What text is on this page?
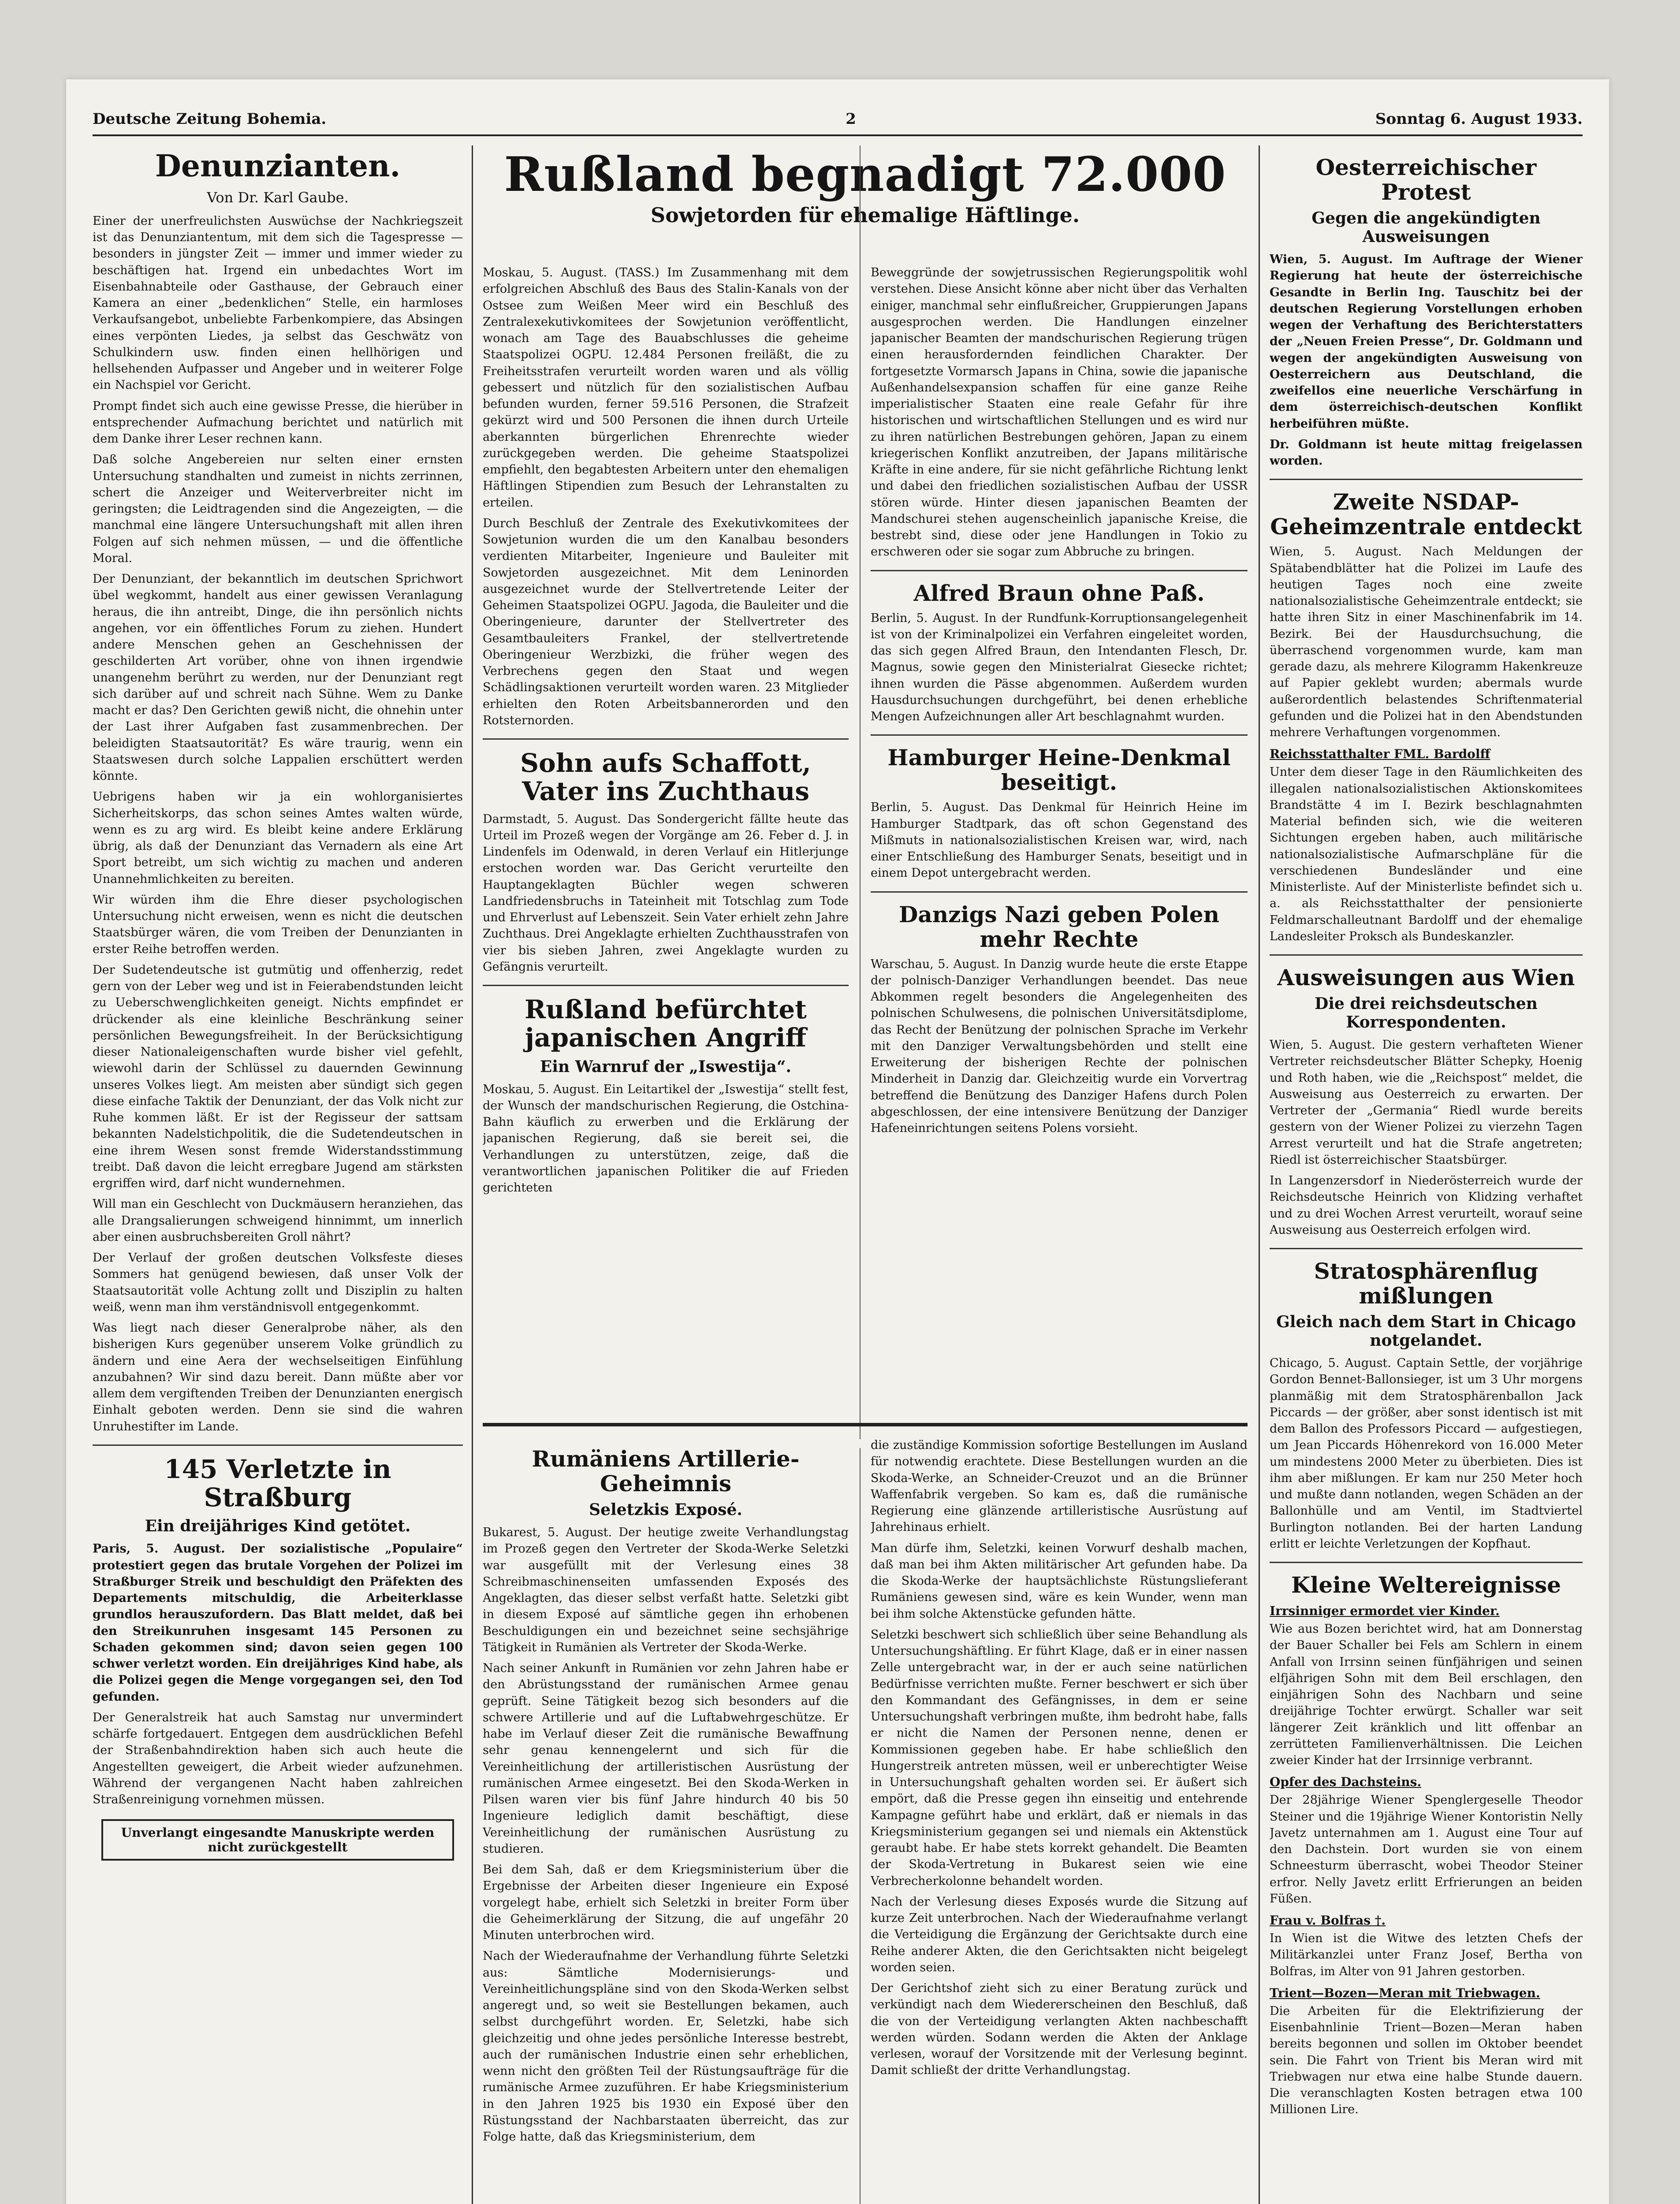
Deutsche Zeitung Bohemia.	2	Sonntag 6. August 1933.
Denunzianten.
Von Dr. Karl Gaube.

Einer der unerfreulichsten Auswüchse der Nachkriegszeit ist das Denunziantentum, mit dem sich die Tagespresse — besonders in jüngster Zeit — immer und immer wieder zu beschäftigen hat. Irgend ein unbedachtes Wort im Eisenbahnabteile oder Gasthause, der Gebrauch einer Kamera an einer „bedenklichen“ Stelle, ein harmloses Verkaufsangebot, unbeliebte Farbenkompiere, das Absingen eines verpönten Liedes, ja selbst das Geschwätz von Schulkindern usw. finden einen hellhörigen und hellsehenden Aufpasser und Angeber und in weiterer Folge ein Nachspiel vor Gericht.

Prompt findet sich auch eine gewisse Presse, die hierüber in entsprechender Aufmachung berichtet und natürlich mit dem Danke ihrer Leser rechnen kann.

Daß solche Angebereien nur selten einer ernsten Untersuchung standhalten und zumeist in nichts zerrinnen, schert die Anzeiger und Weiterverbreiter nicht im geringsten; die Leidtragenden sind die Angezeigten, — die manchmal eine längere Untersuchungshaft mit allen ihren Folgen auf sich nehmen müssen, — und die öffentliche Moral.

Der Denunziant, der bekanntlich im deutschen Sprichwort übel wegkommt, handelt aus einer gewissen Veranlagung heraus, die ihn antreibt, Dinge, die ihn persönlich nichts angehen, vor ein öffentliches Forum zu ziehen. Hundert andere Menschen gehen an Geschehnissen der geschilderten Art vorüber, ohne von ihnen irgendwie unangenehm berührt zu werden, nur der Denunziant regt sich darüber auf und schreit nach Sühne. Wem zu Danke macht er das? Den Gerichten gewiß nicht, die ohnehin unter der Last ihrer Aufgaben fast zusammenbrechen. Der beleidigten Staatsautorität? Es wäre traurig, wenn ein Staatswesen durch solche Lappalien erschüttert werden könnte.

Uebrigens haben wir ja ein wohlorganisiertes Sicherheitskorps, das schon seines Amtes walten würde, wenn es zu arg wird. Es bleibt keine andere Erklärung übrig, als daß der Denunziant das Vernadern als eine Art Sport betreibt, um sich wichtig zu machen und anderen Unannehmlichkeiten zu bereiten.

Wir würden ihm die Ehre dieser psychologischen Untersuchung nicht erweisen, wenn es nicht die deutschen Staatsbürger wären, die vom Treiben der Denunzianten in erster Reihe betroffen werden.

Der Sudetendeutsche ist gutmütig und offenherzig, redet gern von der Leber weg und ist in Feierabendstunden leicht zu Ueberschwenglichkeiten geneigt. Nichts empfindet er drückender als eine kleinliche Beschränkung seiner persönlichen Bewegungsfreiheit. In der Berücksichtigung dieser Nationaleigenschaften wurde bisher viel gefehlt, wiewohl darin der Schlüssel zu dauernden Gewinnung unseres Volkes liegt. Am meisten aber sündigt sich gegen diese einfache Taktik der Denunziant, der das Volk nicht zur Ruhe kommen läßt. Er ist der Regisseur der sattsam bekannten Nadelstichpolitik, die die Sudetendeutschen in eine ihrem Wesen sonst fremde Widerstandsstimmung treibt. Daß davon die leicht erregbare Jugend am stärksten ergriffen wird, darf nicht wundernehmen.

Will man ein Geschlecht von Duckmäusern heranziehen, das alle Drangsalierungen schweigend hinnimmt, um innerlich aber einen ausbruchsbereiten Groll nährt?

Der Verlauf der großen deutschen Volksfeste dieses Sommers hat genügend bewiesen, daß unser Volk der Staatsautorität volle Achtung zollt und Disziplin zu halten weiß, wenn man ihm verständnisvoll entgegenkommt.

Was liegt nach dieser Generalprobe näher, als den bisherigen Kurs gegenüber unserem Volke gründlich zu ändern und eine Aera der wechselseitigen Einfühlung anzubahnen? Wir sind dazu bereit. Dann müßte aber vor allem dem vergiftenden Treiben der Denunzianten energisch Einhalt geboten werden. Denn sie sind die wahren Unruhestifter im Lande.

145 Verletzte in Straßburg
Ein dreijähriges Kind getötet.

Paris, 5. August. Der sozialistische „Populaire“ protestiert gegen das brutale Vorgehen der Polizei im Straßburger Streik und beschuldigt den Präfekten des Departements mitschuldig, die Arbeiterklasse grundlos herauszufordern. Das Blatt meldet, daß bei den Streikunruhen insgesamt 145 Personen zu Schaden gekommen sind; davon seien gegen 100 schwer verletzt worden. Ein dreijähriges Kind habe, als die Polizei gegen die Menge vorgegangen sei, den Tod gefunden.

Der Generalstreik hat auch Samstag nur unvermindert schärfe fortgedauert. Entgegen dem ausdrücklichen Befehl der Straßenbahndirektion haben sich auch heute die Angestellten geweigert, die Arbeit wieder aufzunehmen. Während der vergangenen Nacht haben zahlreichen Straßenreinigung vornehmen müssen.

Unverlangt eingesandte Manuskripte werden nicht zurückgestellt
Rußland begnadigt 72.000
Sowjetorden für ehemalige Häftlinge.

Moskau, 5. August. (TASS.) Im Zusammenhang mit dem erfolgreichen Abschluß des Baus des Stalin-Kanals von der Ostsee zum Weißen Meer wird ein Beschluß des Zentralexekutivkomitees der Sowjetunion veröffentlicht, wonach am Tage des Bauabschlusses die geheime Staatspolizei OGPU. 12.484 Personen freiläßt, die zu Freiheitsstrafen verurteilt worden waren und als völlig gebessert und nützlich für den sozialistischen Aufbau befunden wurden, ferner 59.516 Personen, die Strafzeit gekürzt wird und 500 Personen die ihnen durch Urteile aberkannten bürgerlichen Ehrenrechte wieder zurückgegeben werden. Die geheime Staatspolizei empfiehlt, den begabtesten Arbeitern unter den ehemaligen Häftlingen Stipendien zum Besuch der Lehranstalten zu erteilen.

Durch Beschluß der Zentrale des Exekutivkomitees der Sowjetunion wurden die um den Kanalbau besonders verdienten Mitarbeiter, Ingenieure und Bauleiter mit Sowjetorden ausgezeichnet. Mit dem Leninorden ausgezeichnet wurde der Stellvertretende Leiter der Geheimen Staatspolizei OGPU. Jagoda, die Bauleiter und die Oberingenieure, darunter der Stellvertreter des Gesamtbauleiters Frankel, der stellvertretende Oberingenieur Werzbizki, die früher wegen des Verbrechens gegen den Staat und wegen Schädlingsaktionen verurteilt worden waren. 23 Mitglieder erhielten den Roten Arbeitsbannerorden und den Rotsternorden.

Sohn aufs Schaffott, Vater ins Zuchthaus

Darmstadt, 5. August. Das Sondergericht fällte heute das Urteil im Prozeß wegen der Vorgänge am 26. Feber d. J. in Lindenfels im Odenwald, in deren Verlauf ein Hitlerjunge erstochen worden war. Das Gericht verurteilte den Hauptangeklagten Büchler wegen schweren Landfriedensbruchs in Tateinheit mit Totschlag zum Tode und Ehrverlust auf Lebenszeit. Sein Vater erhielt zehn Jahre Zuchthaus. Drei Angeklagte erhielten Zuchthausstrafen von vier bis sieben Jahren, zwei Angeklagte wurden zu Gefängnis verurteilt.

Rußland befürchtet japanischen Angriff
Ein Warnruf der „Iswestija“.

Moskau, 5. August. Ein Leitartikel der „Iswestija“ stellt fest, der Wunsch der mandschurischen Regierung, die Ostchina-Bahn käuflich zu erwerben und die Erklärung der japanischen Regierung, daß sie bereit sei, die Verhandlungen zu unterstützen, zeige, daß die verantwortlichen japanischen Politiker die auf Frieden gerichteten

Beweggründe der sowjetrussischen Regierungspolitik wohl verstehen. Diese Ansicht könne aber nicht über das Verhalten einiger, manchmal sehr einflußreicher, Gruppierungen Japans ausgesprochen werden. Die Handlungen einzelner japanischer Beamten der mandschurischen Regierung trügen einen herausfordernden feindlichen Charakter. Der fortgesetzte Vormarsch Japans in China, sowie die japanische Außenhandelsexpansion schaffen für eine ganze Reihe imperialistischer Staaten eine reale Gefahr für ihre historischen und wirtschaftlichen Stellungen und es wird nur zu ihren natürlichen Bestrebungen gehören, Japan zu einem kriegerischen Konflikt anzutreiben, der Japans militärische Kräfte in eine andere, für sie nicht gefährliche Richtung lenkt und dabei den friedlichen sozialistischen Aufbau der USSR stören würde. Hinter diesen japanischen Beamten der Mandschurei stehen augenscheinlich japanische Kreise, die bestrebt sind, diese oder jene Handlungen in Tokio zu erschweren oder sie sogar zum Abbruche zu bringen.

Alfred Braun ohne Paß.

Berlin, 5. August. In der Rundfunk-Korruptionsangelegenheit ist von der Kriminalpolizei ein Verfahren eingeleitet worden, das sich gegen Alfred Braun, den Intendanten Flesch, Dr. Magnus, sowie gegen den Ministerialrat Giesecke richtet; ihnen wurden die Pässe abgenommen. Außerdem wurden Hausdurchsuchungen durchgeführt, bei denen erhebliche Mengen Aufzeichnungen aller Art beschlagnahmt wurden.

Hamburger Heine-Denkmal beseitigt.

Berlin, 5. August. Das Denkmal für Heinrich Heine im Hamburger Stadtpark, das oft schon Gegenstand des Mißmuts in nationalsozialistischen Kreisen war, wird, nach einer Entschließung des Hamburger Senats, beseitigt und in einem Depot untergebracht werden.

Danzigs Nazi geben Polen mehr Rechte

Warschau, 5. August. In Danzig wurde heute die erste Etappe der polnisch-Danziger Verhandlungen beendet. Das neue Abkommen regelt besonders die Angelegenheiten des polnischen Schulwesens, die polnischen Universitätsdiplome, das Recht der Benützung der polnischen Sprache im Verkehr mit den Danziger Verwaltungsbehörden und stellt eine Erweiterung der bisherigen Rechte der polnischen Minderheit in Danzig dar. Gleichzeitig wurde ein Vorvertrag betreffend die Benützung des Danziger Hafens durch Polen abgeschlossen, der eine intensivere Benützung der Danziger Hafeneinrichtungen seitens Polens vorsieht.

Rumäniens Artillerie-Geheimnis
Seletzkis Exposé.

Bukarest, 5. August. Der heutige zweite Verhandlungstag im Prozeß gegen den Vertreter der Skoda-Werke Seletzki war ausgefüllt mit der Verlesung eines 38 Schreibmaschinenseiten umfassenden Exposés des Angeklagten, das dieser selbst verfaßt hatte. Seletzki gibt in diesem Exposé auf sämtliche gegen ihn erhobenen Beschuldigungen ein und bezeichnet seine sechsjährige Tätigkeit in Rumänien als Vertreter der Skoda-Werke.

Nach seiner Ankunft in Rumänien vor zehn Jahren habe er den Abrüstungsstand der rumänischen Armee genau geprüft. Seine Tätigkeit bezog sich besonders auf die schwere Artillerie und auf die Luftabwehrgeschütze. Er habe im Verlauf dieser Zeit die rumänische Bewaffnung sehr genau kennengelernt und sich für die Vereinheitlichung der artilleristischen Ausrüstung der rumänischen Armee eingesetzt. Bei den Skoda-Werken in Pilsen waren vier bis fünf Jahre hindurch 40 bis 50 Ingenieure lediglich damit beschäftigt, diese Vereinheitlichung der rumänischen Ausrüstung zu studieren.

Bei dem Sah, daß er dem Kriegsministerium über die Ergebnisse der Arbeiten dieser Ingenieure ein Exposé vorgelegt habe, erhielt sich Seletzki in breiter Form über die Geheimerklärung der Sitzung, die auf ungefähr 20 Minuten unterbrochen wird.

Nach der Wiederaufnahme der Verhandlung führte Seletzki aus: Sämtliche Modernisierungs- und Vereinheitlichungspläne sind von den Skoda-Werken selbst angeregt und, so weit sie Bestellungen bekamen, auch selbst durchgeführt worden. Er, Seletzki, habe sich gleichzeitig und ohne jedes persönliche Interesse bestrebt, auch der rumänischen Industrie einen sehr erheblichen, wenn nicht den größten Teil der Rüstungsaufträge für die rumänische Armee zuzuführen. Er habe Kriegsministerium in den Jahren 1925 bis 1930 ein Exposé über den Rüstungsstand der Nachbarstaaten überreicht, das zur Folge hatte, daß das Kriegsministerium, dem

die zuständige Kommission sofortige Bestellungen im Ausland für notwendig erachtete. Diese Bestellungen wurden an die Skoda-Werke, an Schneider-Creuzot und an die Brünner Waffenfabrik vergeben. So kam es, daß die rumänische Regierung eine glänzende artilleristische Ausrüstung auf Jahrehinaus erhielt.

Man dürfe ihm, Seletzki, keinen Vorwurf deshalb machen, daß man bei ihm Akten militärischer Art gefunden habe. Da die Skoda-Werke der hauptsächlichste Rüstungslieferant Rumäniens gewesen sind, wäre es kein Wunder, wenn man bei ihm solche Aktenstücke gefunden hätte.

Seletzki beschwert sich schließlich über seine Behandlung als Untersuchungshäftling. Er führt Klage, daß er in einer nassen Zelle untergebracht war, in der er auch seine natürlichen Bedürfnisse verrichten mußte. Ferner beschwert er sich über den Kommandant des Gefängnisses, in dem er seine Untersuchungshaft verbringen mußte, ihm bedroht habe, falls er nicht die Namen der Personen nenne, denen er Kommissionen gegeben habe. Er habe schließlich den Hungerstreik antreten müssen, weil er unberechtigter Weise in Untersuchungshaft gehalten worden sei. Er äußert sich empört, daß die Presse gegen ihn einseitig und entehrende Kampagne geführt habe und erklärt, daß er niemals in das Kriegsministerium gegangen sei und niemals ein Aktenstück geraubt habe. Er habe stets korrekt gehandelt. Die Beamten der Skoda-Vertretung in Bukarest seien wie eine Verbrecherkolonne behandelt worden.

Nach der Verlesung dieses Exposés wurde die Sitzung auf kurze Zeit unterbrochen. Nach der Wiederaufnahme verlangt die Verteidigung die Ergänzung der Gerichtsakte durch eine Reihe anderer Akten, die den Gerichtsakten nicht beigelegt worden seien.

Der Gerichtshof zieht sich zu einer Beratung zurück und verkündigt nach dem Wiedererscheinen den Beschluß, daß die von der Verteidigung verlangten Akten nachbeschafft werden würden. Sodann werden die Akten der Anklage verlesen, worauf der Vorsitzende mit der Verlesung beginnt. Damit schließt der dritte Verhandlungstag.

Oesterreichischer Protest
Gegen die angekündigten Ausweisungen

Wien, 5. August. Im Auftrage der Wiener Regierung hat heute der österreichische Gesandte in Berlin Ing. Tauschitz bei der deutschen Regierung Vorstellungen erhoben wegen der Verhaftung des Berichterstatters der „Neuen Freien Presse“, Dr. Goldmann und wegen der angekündigten Ausweisung von Oesterreichern aus Deutschland, die zweifellos eine neuerliche Verschärfung in dem österreichisch-deutschen Konflikt herbeiführen müßte.

Dr. Goldmann ist heute mittag freigelassen worden.

Zweite NSDAP-Geheimzentrale entdeckt

Wien, 5. August. Nach Meldungen der Spätabendblätter hat die Polizei im Laufe des heutigen Tages noch eine zweite nationalsozialistische Geheimzentrale entdeckt; sie hatte ihren Sitz in einer Maschinenfabrik im 14. Bezirk. Bei der Hausdurchsuchung, die überraschend vorgenommen wurde, kam man gerade dazu, als mehrere Kilogramm Hakenkreuze auf Papier geklebt wurden; abermals wurde außerordentlich belastendes Schriftenmaterial gefunden und die Polizei hat in den Abendstunden mehrere Verhaftungen vorgenommen.

Reichsstatthalter FML. Bardolff

Unter dem dieser Tage in den Räumlichkeiten des illegalen nationalsozialistischen Aktionskomitees Brandstätte 4 im I. Bezirk beschlagnahmten Material befinden sich, wie die weiteren Sichtungen ergeben haben, auch militärische nationalsozialistische Aufmarschpläne für die verschiedenen Bundesländer und eine Ministerliste. Auf der Ministerliste befindet sich u. a. als Reichsstatthalter der pensionierte Feldmarschalleutnant Bardolff und der ehemalige Landesleiter Proksch als Bundeskanzler.

Ausweisungen aus Wien
Die drei reichsdeutschen Korrespondenten.

Wien, 5. August. Die gestern verhafteten Wiener Vertreter reichsdeutscher Blätter Schepky, Hoenig und Roth haben, wie die „Reichspost“ meldet, die Ausweisung aus Oesterreich zu erwarten. Der Vertreter der „Germania“ Riedl wurde bereits gestern von der Wiener Polizei zu vierzehn Tagen Arrest verurteilt und hat die Strafe angetreten; Riedl ist österreichischer Staatsbürger.

In Langenzersdorf in Niederösterreich wurde der Reichsdeutsche Heinrich von Klidzing verhaftet und zu drei Wochen Arrest verurteilt, worauf seine Ausweisung aus Oesterreich erfolgen wird.

Stratosphärenflug mißlungen
Gleich nach dem Start in Chicago notgelandet.

Chicago, 5. August. Captain Settle, der vorjährige Gordon Bennet-Ballonsieger, ist um 3 Uhr morgens planmäßig mit dem Stratosphärenballon Jack Piccards — der größer, aber sonst identisch ist mit dem Ballon des Professors Piccard — aufgestiegen, um Jean Piccards Höhenrekord von 16.000 Meter um mindestens 2000 Meter zu überbieten. Dies ist ihm aber mißlungen. Er kam nur 250 Meter hoch und mußte dann notlanden, wegen Schäden an der Ballonhülle und am Ventil, im Stadtviertel Burlington notlanden. Bei der harten Landung erlitt er leichte Verletzungen der Kopfhaut.

Kleine Weltereignisse
Irrsinniger ermordet vier Kinder.

Wie aus Bozen berichtet wird, hat am Donnerstag der Bauer Schaller bei Fels am Schlern in einem Anfall von Irrsinn seinen fünfjährigen und seinen elfjährigen Sohn mit dem Beil erschlagen, den einjährigen Sohn des Nachbarn und seine dreijährige Tochter erwürgt. Schaller war seit längerer Zeit kränklich und litt offenbar an zerrütteten Familienverhältnissen. Die Leichen zweier Kinder hat der Irrsinnige verbrannt.

Opfer des Dachsteins.

Der 28jährige Wiener Spenglergeselle Theodor Steiner und die 19jährige Wiener Kontoristin Nelly Javetz unternahmen am 1. August eine Tour auf den Dachstein. Dort wurden sie von einem Schneesturm überrascht, wobei Theodor Steiner erfror. Nelly Javetz erlitt Erfrierungen an beiden Füßen.

Frau v. Bolfras †.

In Wien ist die Witwe des letzten Chefs der Militärkanzlei unter Franz Josef, Bertha von Bolfras, im Alter von 91 Jahren gestorben.

Trient—Bozen—Meran mit Triebwagen.

Die Arbeiten für die Elektrifizierung der Eisenbahnlinie Trient—Bozen—Meran haben bereits begonnen und sollen im Oktober beendet sein. Die Fahrt von Trient bis Meran wird mit Triebwagen nur etwa eine halbe Stunde dauern. Die veranschlagten Kosten betragen etwa 100 Millionen Lire.
